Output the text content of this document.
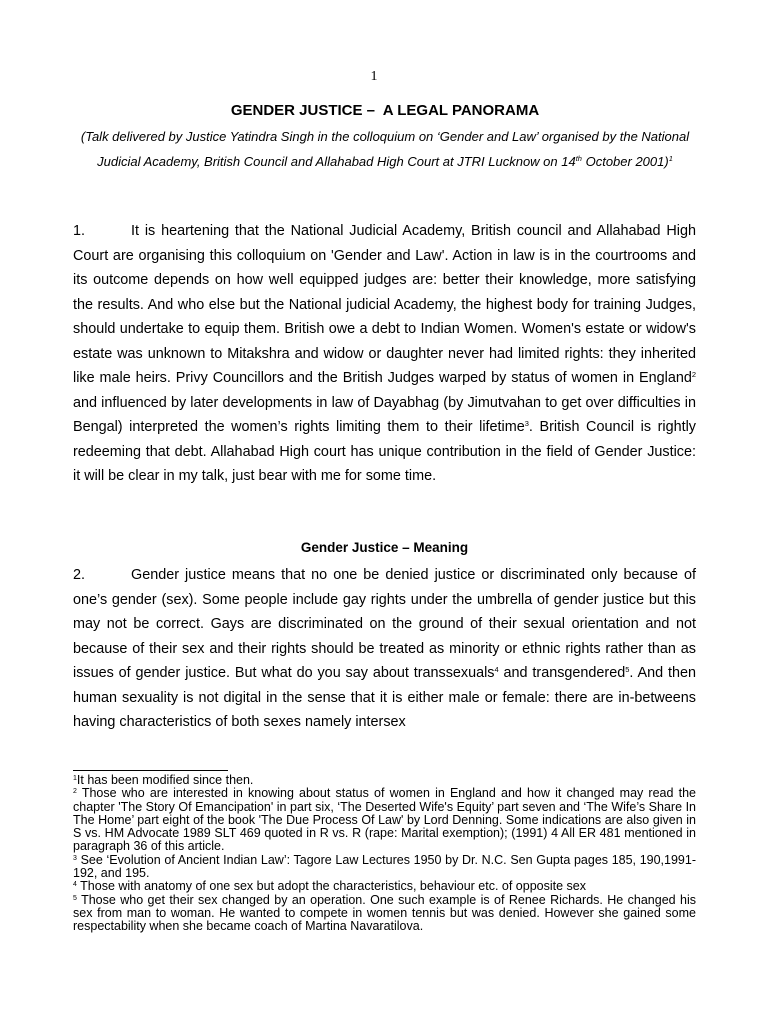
1
GENDER JUSTICE –  A LEGAL PANORAMA
(Talk delivered by Justice Yatindra Singh in the colloquium on ‘Gender and Law’ organised by the National Judicial Academy, British Council and Allahabad High Court at JTRI Lucknow on 14th October 2001)$^1$
1.	It is heartening that the National Judicial Academy, British council and Allahabad High Court are organising this colloquium on 'Gender and Law'. Action in law is in the courtrooms and its outcome depends on how well equipped judges are: better their knowledge, more satisfying the results. And who else but the National judicial Academy, the highest body for training Judges, should undertake to equip them. British owe a debt to Indian Women. Women's estate or widow's estate was unknown to Mitakshra and widow or daughter never had limited rights: they inherited like male heirs. Privy Councillors and the British Judges warped by status of women in England$^2$ and influenced by later developments in law of Dayabhag (by Jimutvahan to get over difficulties in Bengal) interpreted the women’s rights limiting them to their lifetime$^3$. British Council is rightly redeeming that debt. Allahabad High court has unique contribution in the field of Gender Justice: it will be clear in my talk, just bear with me for some time.
Gender Justice – Meaning
2.	Gender justice means that no one be denied justice or discriminated only because of one’s gender (sex). Some people include gay rights under the umbrella of gender justice but this may not be correct. Gays are discriminated on the ground of their sexual orientation and not because of their sex and their rights should be treated as minority or ethnic rights rather than as issues of gender justice. But what do you say about transsexuals$^4$ and transgendered$^5$. And then human sexuality is not digital in the sense that it is either male or female: there are in-betweens having characteristics of both sexes namely intersex

$^1$It has been modified since then.

$^2$ Those who are interested in knowing about status of women in England and how it changed may read the chapter 'The Story Of Emancipation' in part six, ‘The Deserted Wife's Equity’ part seven and ‘The Wife’s Share In The Home’ part eight of the book 'The Due Process Of Law' by Lord Denning. Some indications are also given in S vs. HM Advocate 1989 SLT 469 quoted in R vs. R (rape: Marital exemption); (1991) 4 All ER 481 mentioned in paragraph 36 of this article.

$^3$ See ‘Evolution of Ancient Indian Law’: Tagore Law Lectures 1950 by Dr. N.C. Sen Gupta pages 185, 190,1991-192, and 195.

$^4$ Those with anatomy of one sex but adopt the characteristics, behaviour etc. of opposite sex

$^5$ Those who get their sex changed by an operation. One such example is of Renee Richards. He changed his sex from man to woman. He wanted to compete in women tennis but was denied. However she gained some respectability when she became coach of Martina Navaratilova.
